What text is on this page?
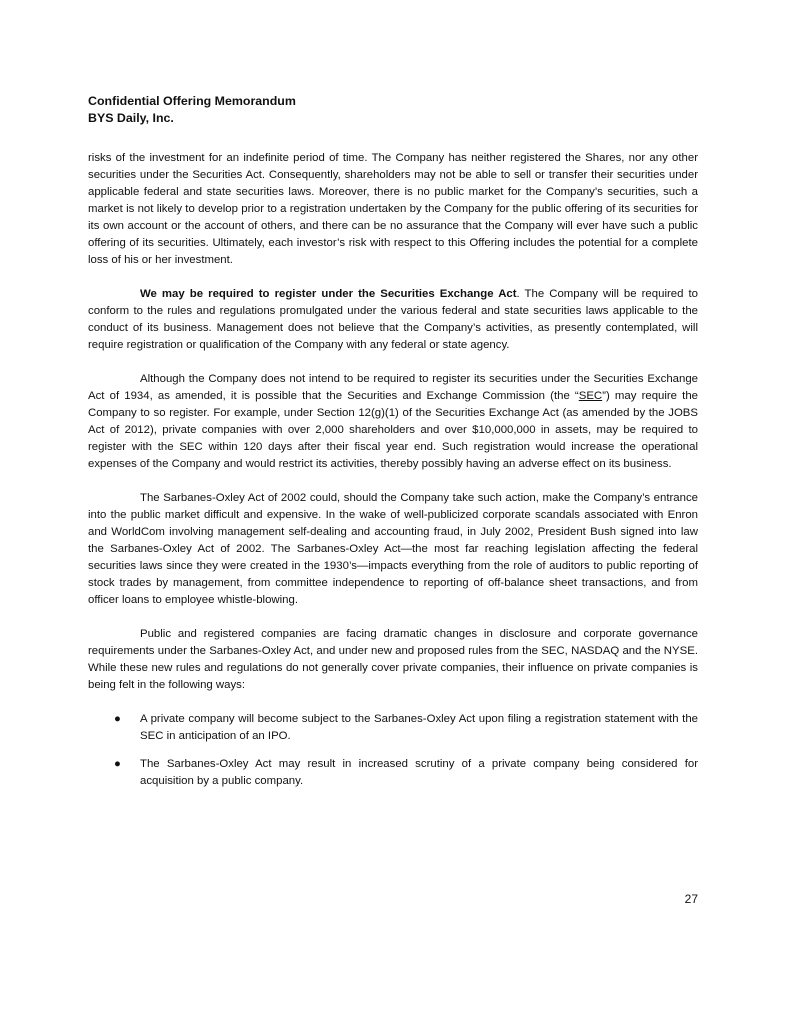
Confidential Offering Memorandum
BYS Daily, Inc.

risks of the investment for an indefinite period of time. The Company has neither registered the Shares, nor any other securities under the Securities Act. Consequently, shareholders may not be able to sell or transfer their securities under applicable federal and state securities laws. Moreover, there is no public market for the Company’s securities, such a market is not likely to develop prior to a registration undertaken by the Company for the public offering of its securities for its own account or the account of others, and there can be no assurance that the Company will ever have such a public offering of its securities. Ultimately, each investor’s risk with respect to this Offering includes the potential for a complete loss of his or her investment.

We may be required to register under the Securities Exchange Act. The Company will be required to conform to the rules and regulations promulgated under the various federal and state securities laws applicable to the conduct of its business. Management does not believe that the Company’s activities, as presently contemplated, will require registration or qualification of the Company with any federal or state agency.

Although the Company does not intend to be required to register its securities under the Securities Exchange Act of 1934, as amended, it is possible that the Securities and Exchange Commission (the “SEC”) may require the Company to so register. For example, under Section 12(g)(1) of the Securities Exchange Act (as amended by the JOBS Act of 2012), private companies with over 2,000 shareholders and over $10,000,000 in assets, may be required to register with the SEC within 120 days after their fiscal year end. Such registration would increase the operational expenses of the Company and would restrict its activities, thereby possibly having an adverse effect on its business.

The Sarbanes-Oxley Act of 2002 could, should the Company take such action, make the Company’s entrance into the public market difficult and expensive. In the wake of well-publicized corporate scandals associated with Enron and WorldCom involving management self-dealing and accounting fraud, in July 2002, President Bush signed into law the Sarbanes-Oxley Act of 2002. The Sarbanes-Oxley Act—the most far reaching legislation affecting the federal securities laws since they were created in the 1930’s—impacts everything from the role of auditors to public reporting of stock trades by management, from committee independence to reporting of off-balance sheet transactions, and from officer loans to employee whistle-blowing.

Public and registered companies are facing dramatic changes in disclosure and corporate governance requirements under the Sarbanes-Oxley Act, and under new and proposed rules from the SEC, NASDAQ and the NYSE. While these new rules and regulations do not generally cover private companies, their influence on private companies is being felt in the following ways:

● A private company will become subject to the Sarbanes-Oxley Act upon filing a registration statement with the SEC in anticipation of an IPO.
● The Sarbanes-Oxley Act may result in increased scrutiny of a private company being considered for acquisition by a public company.
27
